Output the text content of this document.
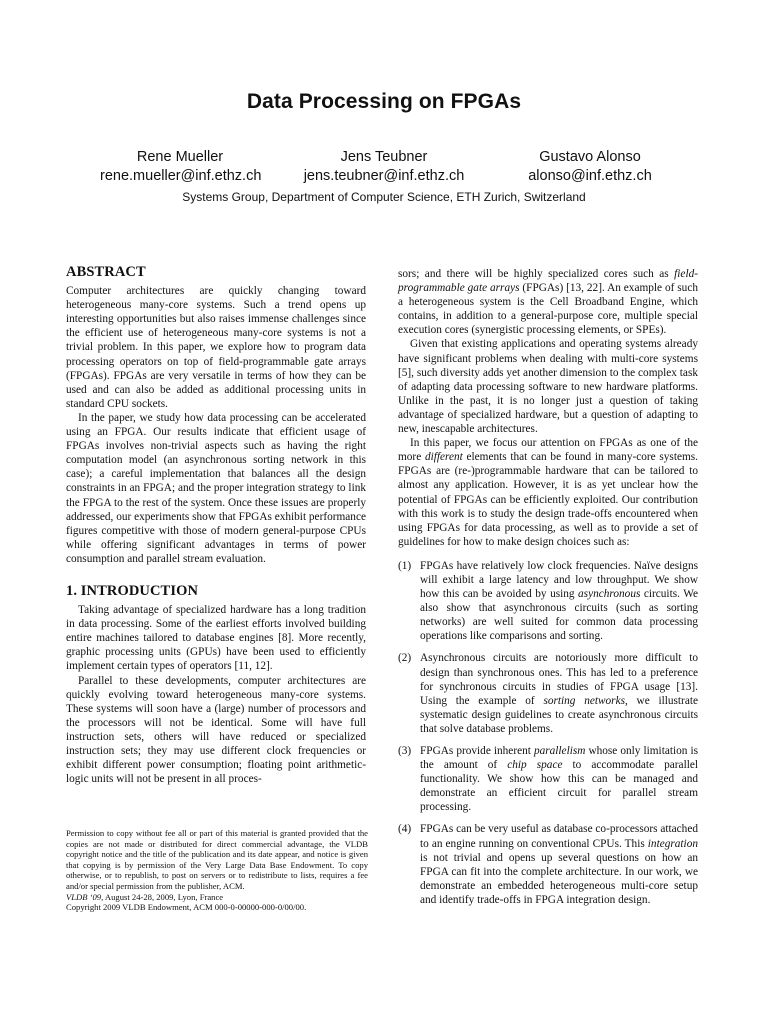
Data Processing on FPGAs
Rene Mueller
rene.mueller@inf.ethz.ch
Jens Teubner
jens.teubner@inf.ethz.ch
Gustavo Alonso
alonso@inf.ethz.ch
Systems Group, Department of Computer Science, ETH Zurich, Switzerland
ABSTRACT

Computer architectures are quickly changing toward heterogeneous many-core systems. Such a trend opens up interesting opportunities but also raises immense challenges since the efficient use of heterogeneous many-core systems is not a trivial problem. In this paper, we explore how to program data processing operators on top of field-programmable gate arrays (FPGAs). FPGAs are very versatile in terms of how they can be used and can also be added as additional processing units in standard CPU sockets.

In the paper, we study how data processing can be accelerated using an FPGA. Our results indicate that efficient usage of FPGAs involves non-trivial aspects such as having the right computation model (an asynchronous sorting network in this case); a careful implementation that balances all the design constraints in an FPGA; and the proper integration strategy to link the FPGA to the rest of the system. Once these issues are properly addressed, our experiments show that FPGAs exhibit performance figures competitive with those of modern general-purpose CPUs while offering significant advantages in terms of power consumption and parallel stream evaluation.

1. INTRODUCTION

Taking advantage of specialized hardware has a long tradition in data processing. Some of the earliest efforts involved building entire machines tailored to database engines [8]. More recently, graphic processing units (GPUs) have been used to efficiently implement certain types of operators [11, 12].

Parallel to these developments, computer architectures are quickly evolving toward heterogeneous many-core systems. These systems will soon have a (large) number of processors and the processors will not be identical. Some will have full instruction sets, others will have reduced or specialized instruction sets; they may use different clock frequencies or exhibit different power consumption; floating point arithmetic-logic units will not be present in all proces-

sors; and there will be highly specialized cores such as field-programmable gate arrays (FPGAs) [13, 22]. An example of such a heterogeneous system is the Cell Broadband Engine, which contains, in addition to a general-purpose core, multiple special execution cores (synergistic processing elements, or SPEs).

Given that existing applications and operating systems already have significant problems when dealing with multi-core systems [5], such diversity adds yet another dimension to the complex task of adapting data processing software to new hardware platforms. Unlike in the past, it is no longer just a question of taking advantage of specialized hardware, but a question of adapting to new, inescapable architectures.

In this paper, we focus our attention on FPGAs as one of the more different elements that can be found in many-core systems. FPGAs are (re-)programmable hardware that can be tailored to almost any application. However, it is as yet unclear how the potential of FPGAs can be efficiently exploited. Our contribution with this work is to study the design trade-offs encountered when using FPGAs for data processing, as well as to provide a set of guidelines for how to make design choices such as:

(1) FPGAs have relatively low clock frequencies. Naïve designs will exhibit a large latency and low throughput. We show how this can be avoided by using asynchronous circuits. We also show that asynchronous circuits (such as sorting networks) are well suited for common data processing operations like comparisons and sorting.
(2) Asynchronous circuits are notoriously more difficult to design than synchronous ones. This has led to a preference for synchronous circuits in studies of FPGA usage [13]. Using the example of sorting networks, we illustrate systematic design guidelines to create asynchronous circuits that solve database problems.
(3) FPGAs provide inherent parallelism whose only limitation is the amount of chip space to accommodate parallel functionality. We show how this can be managed and demonstrate an efficient circuit for parallel stream processing.
(4) FPGAs can be very useful as database co-processors attached to an engine running on conventional CPUs. This integration is not trivial and opens up several questions on how an FPGA can fit into the complete architecture. In our work, we demonstrate an embedded heterogeneous multi-core setup and identify trade-offs in FPGA integration design.
Permission to copy without fee all or part of this material is granted provided that the copies are not made or distributed for direct commercial advantage, the VLDB copyright notice and the title of the publication and its date appear, and notice is given that copying is by permission of the Very Large Data Base Endowment. To copy otherwise, or to republish, to post on servers or to redistribute to lists, requires a fee and/or special permission from the publisher, ACM.
VLDB ‘09, August 24-28, 2009, Lyon, France
Copyright 2009 VLDB Endowment, ACM 000-0-00000-000-0/00/00.
